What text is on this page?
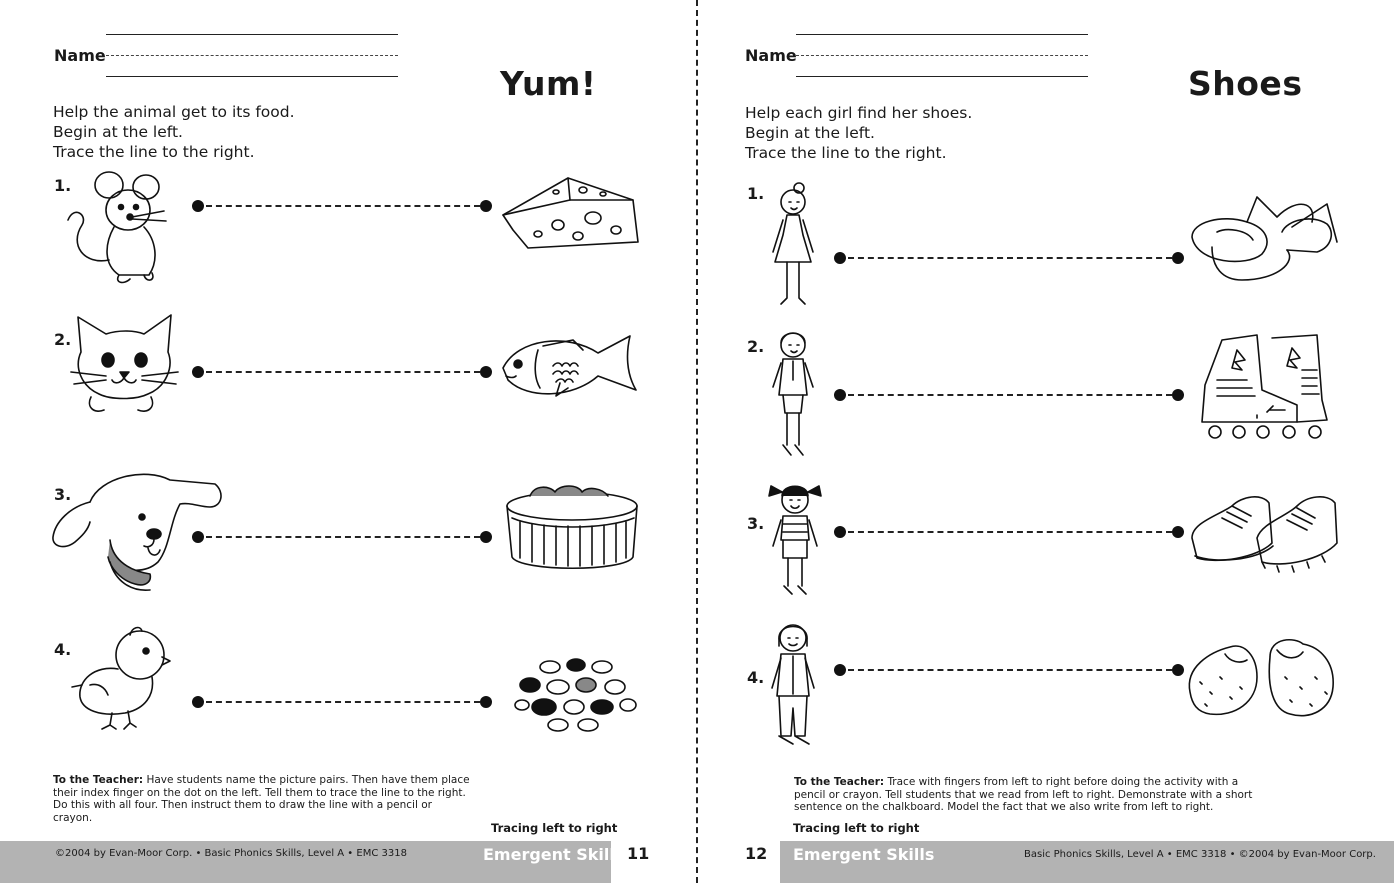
Name
Yum!
Help the animal get to its food.
Begin at the left.
Trace the line to the right.
1.
2.
3.
4.
To the Teacher: Have students name the picture pairs. Then have them place their index finger on the dot on the left. Tell them to trace the line to the right. Do this with all four. Then instruct them to draw the line with a pencil or crayon.
Tracing left to right
©2004 by Evan-Moor Corp. • Basic Phonics Skills, Level A • EMC 3318	Emergent Skills 11
Name
Shoes
Help each girl find her shoes.
Begin at the left.
Trace the line to the right.
1.
2.
3.
4.
To the Teacher: Trace with fingers from left to right before doing the activity with a pencil or crayon. Tell students that we read from left to right. Demonstrate with a short sentence on the chalkboard. Model the fact that we also write from left to right.
Tracing left to right
12 Emergent Skills	Basic Phonics Skills, Level A • EMC 3318 • ©2004 by Evan-Moor Corp.
